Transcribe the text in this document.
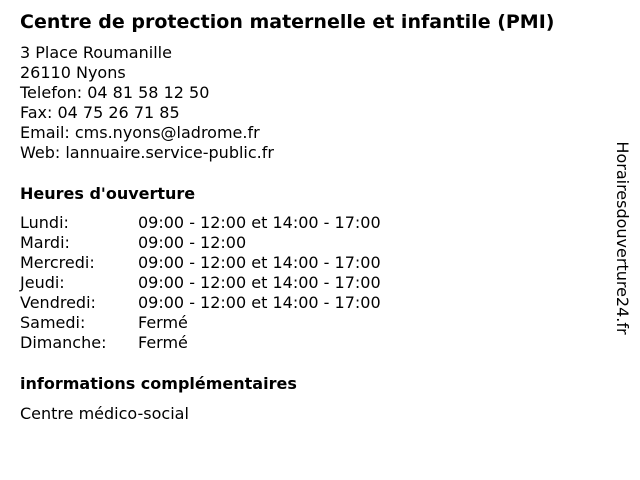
Centre de protection maternelle et infantile (PMI)
3 Place Roumanille
26110 Nyons
Telefon: 04 81 58 12 50
Fax: 04 75 26 71 85
Email: cms.nyons@ladrome.fr
Web: lannuaire.service-public.fr
Heures d'ouverture
Lundi:	09:00 - 12:00 et 14:00 - 17:00
Mardi:	09:00 - 12:00
Mercredi:	09:00 - 12:00 et 14:00 - 17:00
Jeudi:	09:00 - 12:00 et 14:00 - 17:00
Vendredi:	09:00 - 12:00 et 14:00 - 17:00
Samedi:	Fermé
Dimanche: Fermé
informations complémentaires
Centre médico-social
Horairesdouverture24.fr
